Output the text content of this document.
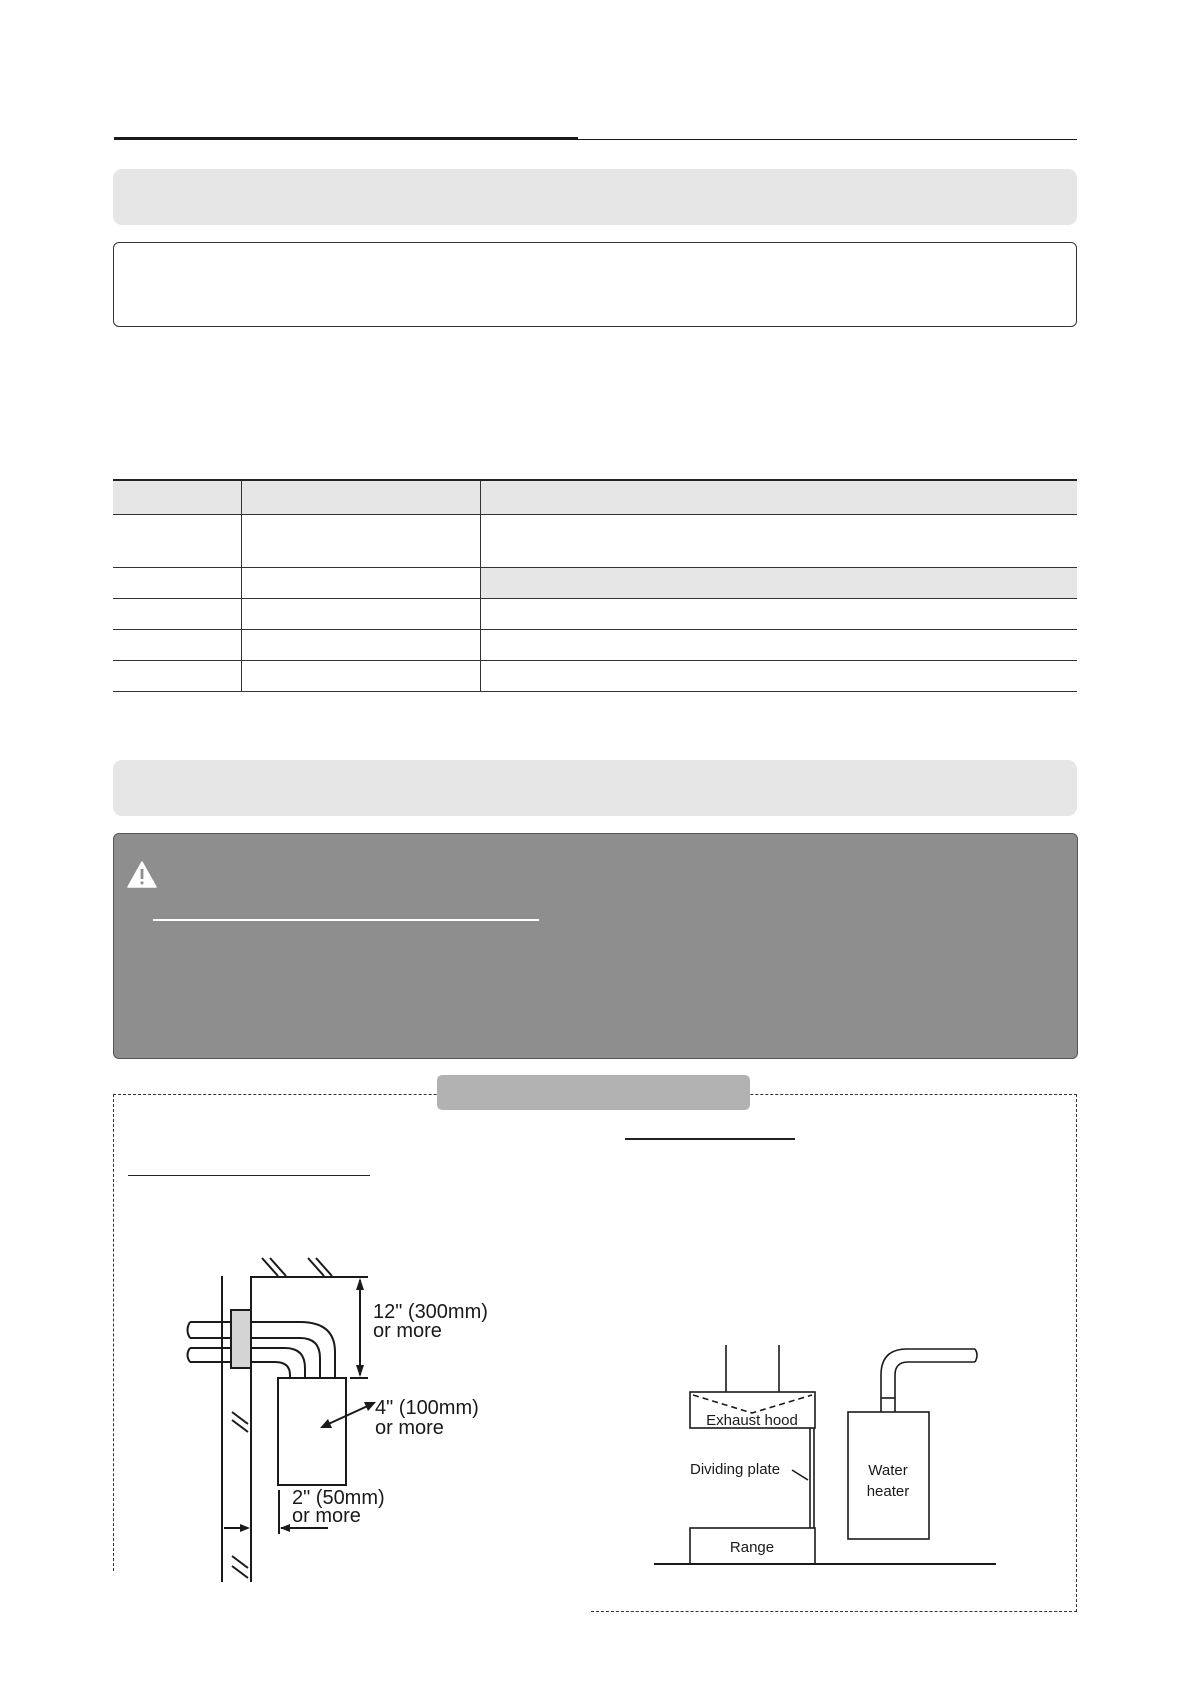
12" (300mm)
or more
4" (100mm)
or more
2" (50mm)
or more
Exhaust hood
Dividing plate	Water
heater
Range
